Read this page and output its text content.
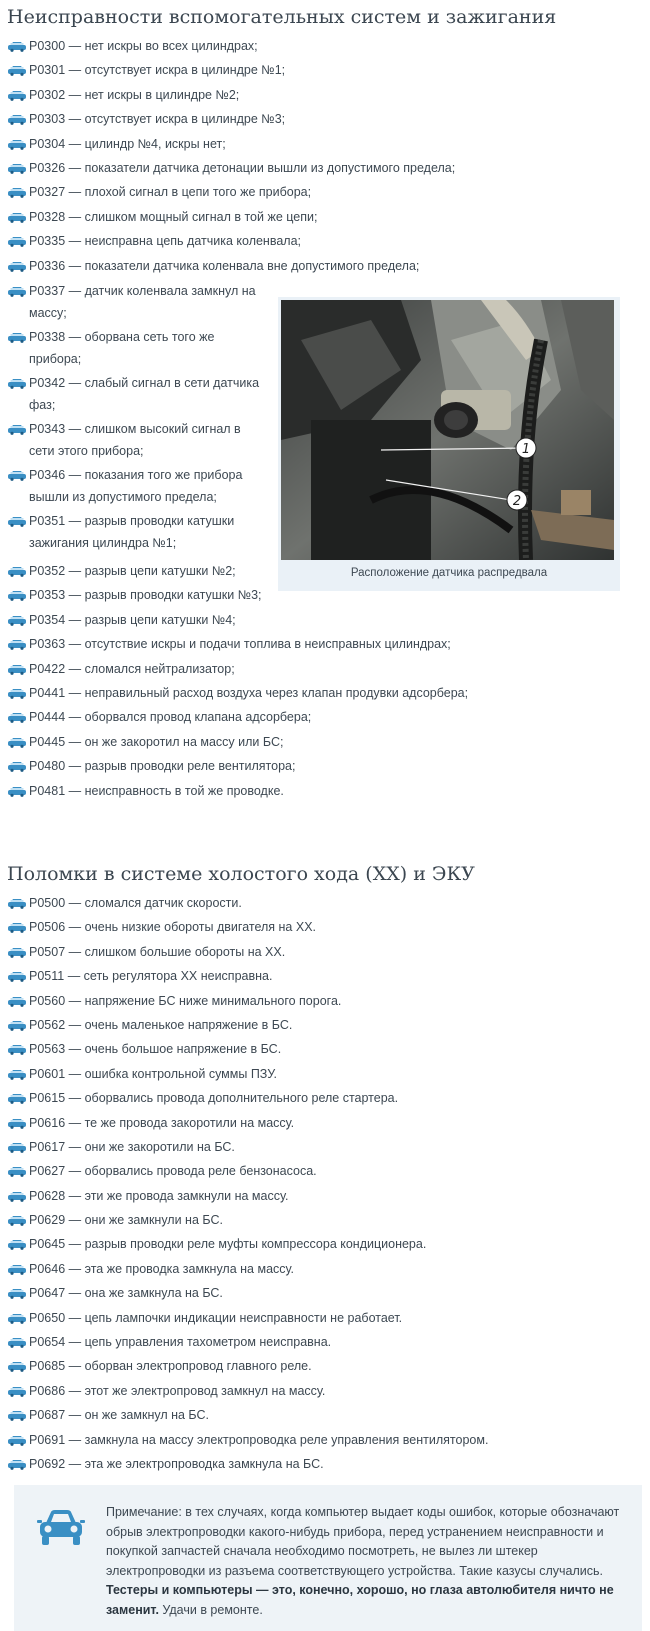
Неисправности вспомогательных систем и зажигания
P0300 — нет искры во всех цилиндрах;
P0301 — отсутствует искра в цилиндре №1;
P0302 — нет искры в цилиндре №2;
P0303 — отсутствует искра в цилиндре №3;
P0304 — цилиндр №4, искры нет;
P0326 — показатели датчика детонации вышли из допустимого предела;
P0327 — плохой сигнал в цепи того же прибора;
P0328 — слишком мощный сигнал в той же цепи;
P0335 — неисправна цепь датчика коленвала;
P0336 — показатели датчика коленвала вне допустимого предела;
P0337 — датчик коленвала замкнул на массу;
P0338 — оборвана сеть того же прибора;
P0342 — слабый сигнал в сети датчика фаз;
P0343 — слишком высокий сигнал в сети этого прибора;
P0346 — показания того же прибора вышли из допустимого предела;
P0351 — разрыв проводки катушки зажигания цилиндра №1;
P0352 — разрыв цепи катушки №2;
P0353 — разрыв проводки катушки №3;
P0354 — разрыв цепи катушки №4;
P0363 — отсутствие искры и подачи топлива в неисправных цилиндрах;
P0422 — сломался нейтрализатор;
P0441 — неправильный расход воздуха через клапан продувки адсорбера;
P0444 — оборвался провод клапана адсорбера;
P0445 — он же закоротил на массу или БС;
P0480 — разрыв проводки реле вентилятора;
P0481 — неисправность в той же проводке.
1
2
Расположение датчика распредвала
Поломки в системе холостого хода (ХХ) и ЭКУ
P0500 — сломался датчик скорости.
P0506 — очень низкие обороты двигателя на ХХ.
P0507 — слишком большие обороты на ХХ.
P0511 — сеть регулятора ХХ неисправна.
P0560 — напряжение БС ниже минимального порога.
P0562 — очень маленькое напряжение в БС.
P0563 — очень большое напряжение в БС.
P0601 — ошибка контрольной суммы ПЗУ.
P0615 — оборвались провода дополнительного реле стартера.
P0616 — те же провода закоротили на массу.
P0617 — они же закоротили на БС.
P0627 — оборвались провода реле бензонасоса.
P0628 — эти же провода замкнули на массу.
P0629 — они же замкнули на БС.
P0645 — разрыв проводки реле муфты компрессора кондиционера.
P0646 — эта же проводка замкнула на массу.
P0647 — она же замкнула на БС.
P0650 — цепь лампочки индикации неисправности не работает.
P0654 — цепь управления тахометром неисправна.
P0685 — оборван электропровод главного реле.
P0686 — этот же электропровод замкнул на массу.
P0687 — он же замкнул на БС.
P0691 — замкнула на массу электропроводка реле управления вентилятором.
P0692 — эта же электропроводка замкнула на БС.
Примечание: в тех случаях, когда компьютер выдает коды ошибок, которые обозначают обрыв электропроводки какого-нибудь прибора, перед устранением неисправности и покупкой запчастей сначала необходимо посмотреть, не вылез ли штекер электропроводки из разъема соответствующего устройства. Такие казусы случались. Тестеры и компьютеры — это, конечно, хорошо, но глаза автолюбителя ничто не заменит. Удачи в ремонте.
